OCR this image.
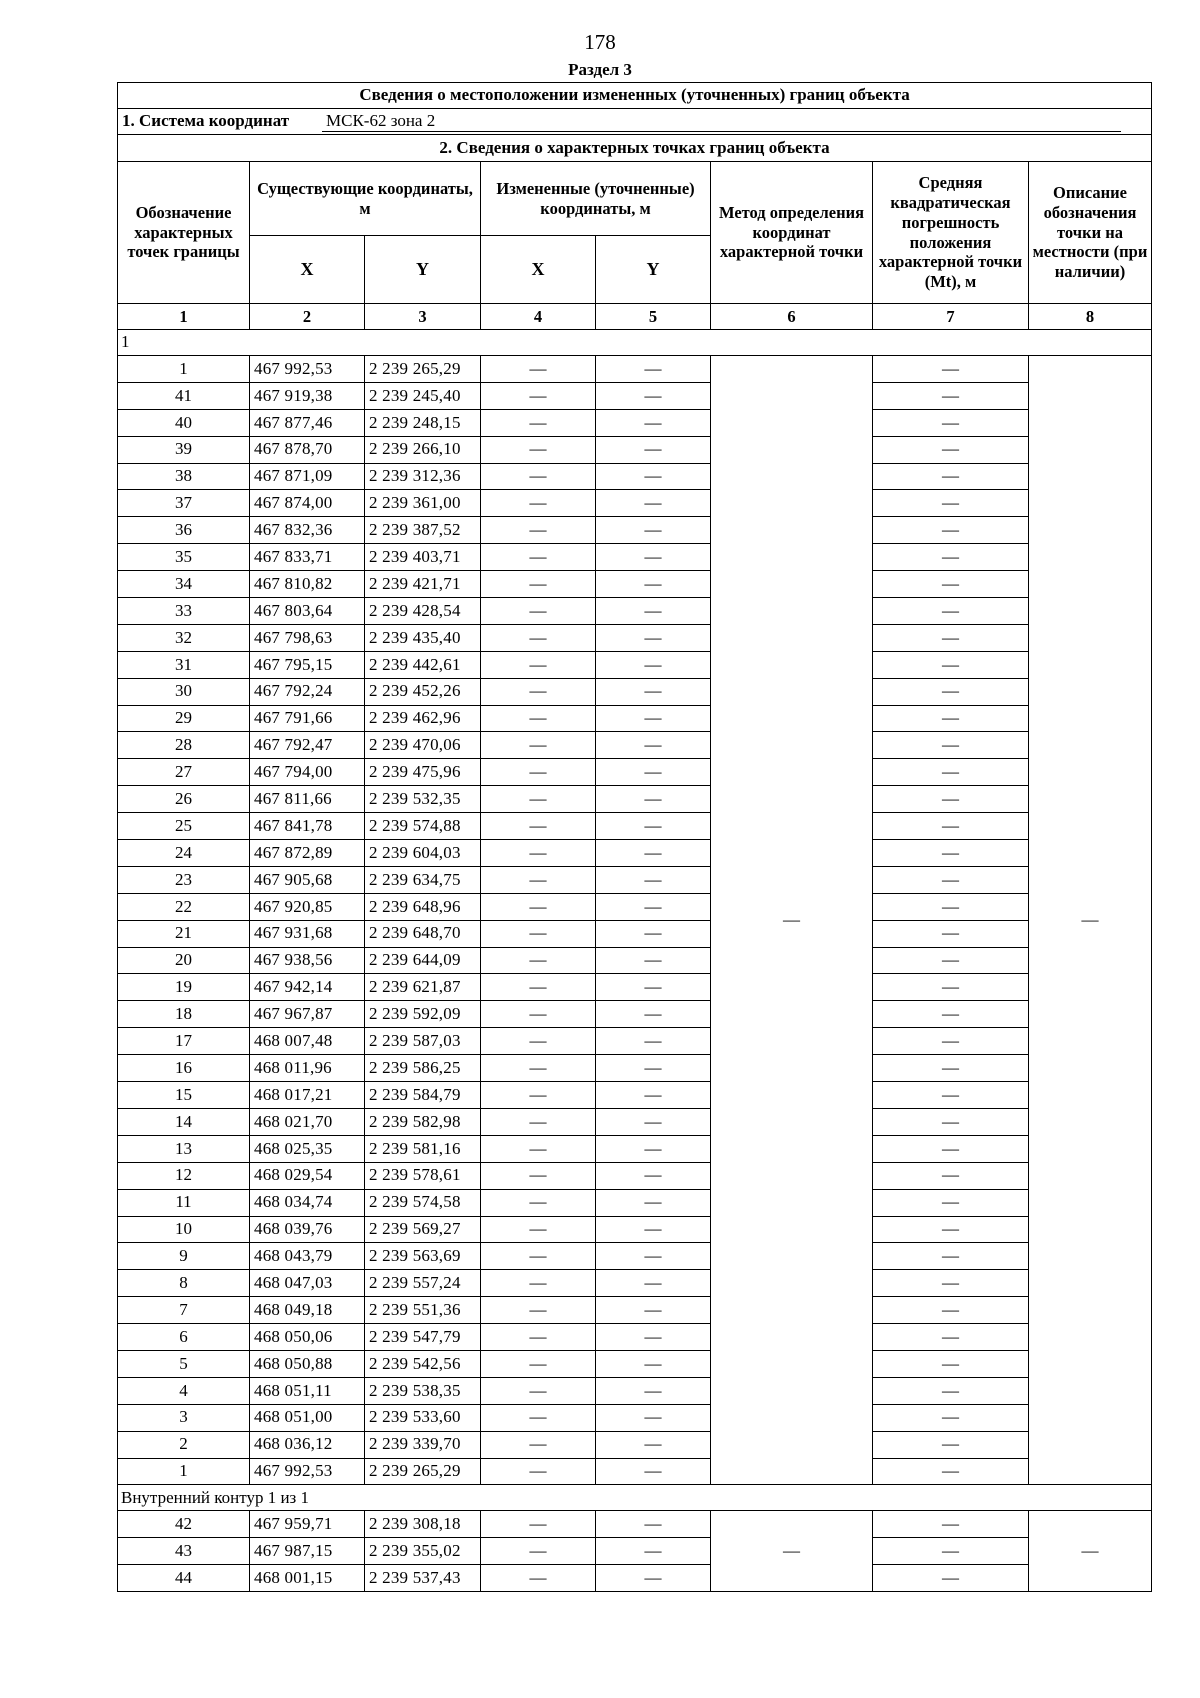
178
Раздел 3
Сведения о местоположении измененных (уточненных) границ объекта							
1. Система координат МСК-62 зона 2							
2. Сведения о характерных точках границ объекта							
Обозначение характерных точек границы	Существующие координаты, м		Измененные (уточненные) координаты, м		Метод определения координат характерной точки	Средняя квадратическая погрешность положения характерной точки (Mt), м	Описание обозначения точки на местности (при наличии)
	X	Y	X	Y			
1	2	3	4	5	6	7	8
1							
1	467 992,53	2 239 265,29	—	—	—	—	—
41	467 919,38	2 239 245,40	—	—		—	
40	467 877,46	2 239 248,15	—	—		—	
39	467 878,70	2 239 266,10	—	—		—	
38	467 871,09	2 239 312,36	—	—		—	
37	467 874,00	2 239 361,00	—	—		—	
36	467 832,36	2 239 387,52	—	—		—	
35	467 833,71	2 239 403,71	—	—		—	
34	467 810,82	2 239 421,71	—	—		—	
33	467 803,64	2 239 428,54	—	—		—	
32	467 798,63	2 239 435,40	—	—		—	
31	467 795,15	2 239 442,61	—	—		—	
30	467 792,24	2 239 452,26	—	—		—	
29	467 791,66	2 239 462,96	—	—		—	
28	467 792,47	2 239 470,06	—	—		—	
27	467 794,00	2 239 475,96	—	—		—	
26	467 811,66	2 239 532,35	—	—		—	
25	467 841,78	2 239 574,88	—	—		—	
24	467 872,89	2 239 604,03	—	—		—	
23	467 905,68	2 239 634,75	—	—		—	
22	467 920,85	2 239 648,96	—	—		—	
21	467 931,68	2 239 648,70	—	—		—	
20	467 938,56	2 239 644,09	—	—		—	
19	467 942,14	2 239 621,87	—	—		—	
18	467 967,87	2 239 592,09	—	—		—	
17	468 007,48	2 239 587,03	—	—		—	
16	468 011,96	2 239 586,25	—	—		—	
15	468 017,21	2 239 584,79	—	—		—	
14	468 021,70	2 239 582,98	—	—		—	
13	468 025,35	2 239 581,16	—	—		—	
12	468 029,54	2 239 578,61	—	—		—	
11	468 034,74	2 239 574,58	—	—		—	
10	468 039,76	2 239 569,27	—	—		—	
9	468 043,79	2 239 563,69	—	—		—	
8	468 047,03	2 239 557,24	—	—		—	
7	468 049,18	2 239 551,36	—	—		—	
6	468 050,06	2 239 547,79	—	—		—	
5	468 050,88	2 239 542,56	—	—		—	
4	468 051,11	2 239 538,35	—	—		—	
3	468 051,00	2 239 533,60	—	—		—	
2	468 036,12	2 239 339,70	—	—		—	
1	467 992,53	2 239 265,29	—	—		—	
Внутренний контур 1 из 1							
42	467 959,71	2 239 308,18	—	—	—	—	—
43	467 987,15	2 239 355,02	—	—		—	
44	468 001,15	2 239 537,43	—	—		—	
